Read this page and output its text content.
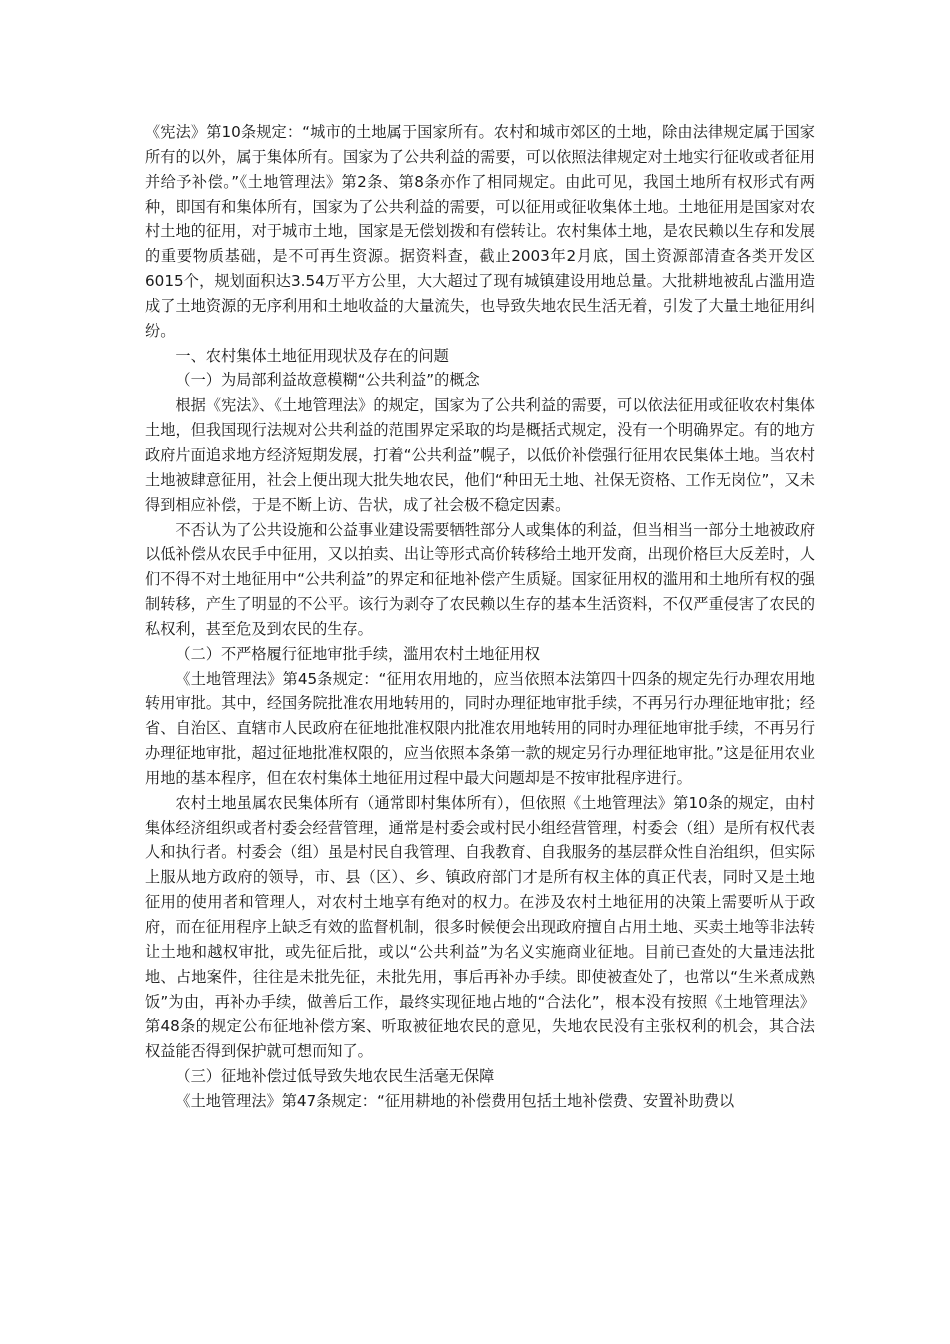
《宪法》第10条规定：“城市的土地属于国家所有。农村和城市郊区的土地，除由法律规定属于国家所有的以外，属于集体所有。国家为了公共利益的需要，可以依照法律规定对土地实行征收或者征用并给予补偿。”《土地管理法》第2条、第8条亦作了相同规定。由此可见，我国土地所有权形式有两种，即国有和集体所有，国家为了公共利益的需要，可以征用或征收集体土地。土地征用是国家对农村土地的征用，对于城市土地，国家是无偿划拨和有偿转让。农村集体土地，是农民赖以生存和发展的重要物质基础，是不可再生资源。据资料查，截止2003年2月底，国土资源部清查各类开发区6015个，规划面积达3.54万平方公里，大大超过了现有城镇建设用地总量。大批耕地被乱占滥用造成了土地资源的无序利用和土地收益的大量流失，也导致失地农民生活无着，引发了大量土地征用纠纷。

一、农村集体土地征用现状及存在的问题

（一）为局部利益故意模糊“公共利益”的概念

根据《宪法》、《土地管理法》的规定，国家为了公共利益的需要，可以依法征用或征收农村集体土地，但我国现行法规对公共利益的范围界定采取的均是概括式规定，没有一个明确界定。有的地方政府片面追求地方经济短期发展，打着“公共利益”幌子，以低价补偿强行征用农民集体土地。当农村土地被肆意征用，社会上便出现大批失地农民，他们“种田无土地、社保无资格、工作无岗位”，又未得到相应补偿，于是不断上访、告状，成了社会极不稳定因素。

不否认为了公共设施和公益事业建设需要牺牲部分人或集体的利益，但当相当一部分土地被政府以低补偿从农民手中征用，又以拍卖、出让等形式高价转移给土地开发商，出现价格巨大反差时，人们不得不对土地征用中“公共利益”的界定和征地补偿产生质疑。国家征用权的滥用和土地所有权的强制转移，产生了明显的不公平。该行为剥夺了农民赖以生存的基本生活资料，不仅严重侵害了农民的私权利，甚至危及到农民的生存。

（二）不严格履行征地审批手续，滥用农村土地征用权

《土地管理法》第45条规定：“征用农用地的，应当依照本法第四十四条的规定先行办理农用地转用审批。其中，经国务院批准农用地转用的，同时办理征地审批手续，不再另行办理征地审批；经省、自治区、直辖市人民政府在征地批准权限内批准农用地转用的同时办理征地审批手续，不再另行办理征地审批，超过征地批准权限的，应当依照本条第一款的规定另行办理征地审批。”这是征用农业用地的基本程序，但在农村集体土地征用过程中最大问题却是不按审批程序进行。

农村土地虽属农民集体所有（通常即村集体所有），但依照《土地管理法》第10条的规定，由村集体经济组织或者村委会经营管理，通常是村委会或村民小组经营管理，村委会（组）是所有权代表人和执行者。村委会（组）虽是村民自我管理、自我教育、自我服务的基层群众性自治组织，但实际上服从地方政府的领导，市、县（区）、乡、镇政府部门才是所有权主体的真正代表，同时又是土地征用的使用者和管理人，对农村土地享有绝对的权力。在涉及农村土地征用的决策上需要听从于政府，而在征用程序上缺乏有效的监督机制，很多时候便会出现政府擅自占用土地、买卖土地等非法转让土地和越权审批，或先征后批，或以“公共利益”为名义实施商业征地。目前已查处的大量违法批地、占地案件，往往是未批先征，未批先用，事后再补办手续。即使被查处了，也常以“生米煮成熟饭”为由，再补办手续，做善后工作，最终实现征地占地的“合法化”，根本没有按照《土地管理法》第48条的规定公布征地补偿方案、听取被征地农民的意见，失地农民没有主张权利的机会，其合法权益能否得到保护就可想而知了。

（三）征地补偿过低导致失地农民生活毫无保障

《土地管理法》第47条规定：“征用耕地的补偿费用包括土地补偿费、安置补助费以
